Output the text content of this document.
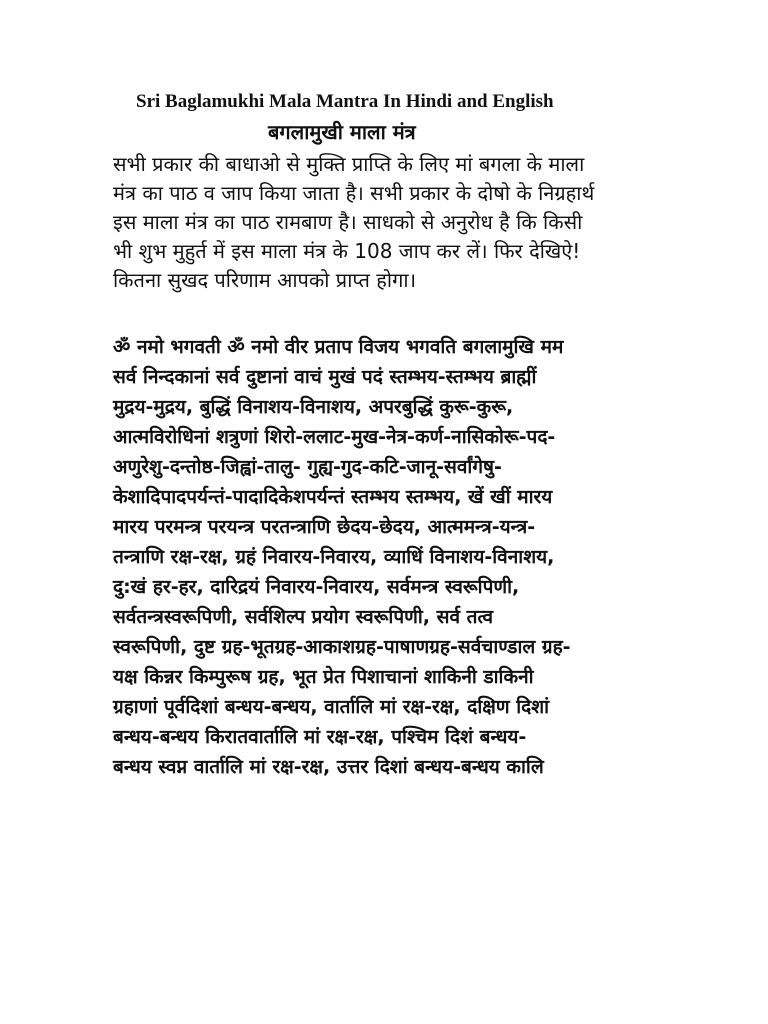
Sri Baglamukhi Mala Mantra In Hindi and English
बगलामुखी माला मंत्र
सभी प्रकार की बाधाओ से मुक्ति प्राप्ति के लिए मां बगला के माला
मंत्र का पाठ व जाप किया जाता है। सभी प्रकार के दोषो के निग्रहार्थ
इस माला मंत्र का पाठ रामबाण है। साधको से अनुरोध है कि किसी
भी शुभ मुहुर्त में इस माला मंत्र के 108 जाप कर लें। फिर देखिऐ!
कितना सुखद परिणाम आपको प्राप्त होगा।
ॐ नमो भगवती ॐ नमो वीर प्रताप विजय भगवति बगलामुखि मम
सर्व निन्दकानां सर्व दुष्टानां वाचं मुखं पदं स्तम्भय-स्तम्भय ब्राह्मीं
मुद्रय-मुद्रय, बुद्धिं विनाशय-विनाशय, अपरबुद्धिं कुरू-कुरू,
आत्मविरोधिनां शत्रुणां शिरो-ललाट-मुख-नेत्र-कर्ण-नासिकोरू-पद-
अणुरेशु-दन्तोष्ठ-जिह्वां-तालु- गुह्य-गुद-कटि-जानू-सर्वांगेषु-
केशादिपादपर्यन्तं-पादादिकेशपर्यन्तं स्तम्भय स्तम्भय, खें खीं मारय
मारय परमन्त्र परयन्त्र परतन्त्राणि छेदय-छेदय, आत्ममन्त्र-यन्त्र-
तन्त्राणि रक्ष-रक्ष, ग्रहं निवारय-निवारय, व्याधिं विनाशय-विनाशय,
दु:खं हर-हर, दारिद्रयं निवारय-निवारय, सर्वमन्त्र स्वरूपिणी,
सर्वतन्त्रस्वरूपिणी, सर्वशिल्प प्रयोग स्वरूपिणी, सर्व तत्व
स्वरूपिणी, दुष्ट ग्रह-भूतग्रह-आकाशग्रह-पाषाणग्रह-सर्वचाण्डाल ग्रह-
यक्ष किन्नर किम्पुरूष ग्रह, भूत प्रेत पिशाचानां शाकिनी डाकिनी
ग्रहाणां पूर्वदिशां बन्धय-बन्धय, वार्तालि मां रक्ष-रक्ष, दक्षिण दिशां
बन्धय-बन्धय किरातवार्तालि मां रक्ष-रक्ष, पश्चिम दिशं बन्धय-
बन्धय स्वप्न वार्तालि मां रक्ष-रक्ष, उत्तर दिशां बन्धय-बन्धय कालि
